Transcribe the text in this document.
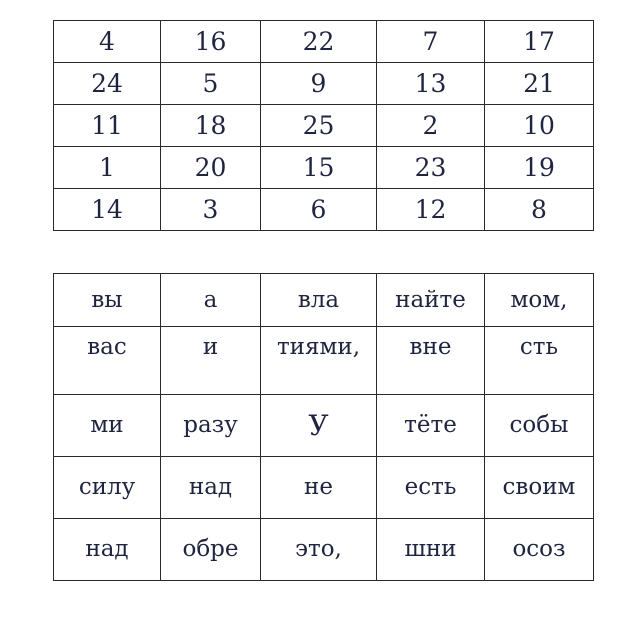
4	16	22	7	17
24	5	9	13	21
11	18	25	2	10
1	20	15	23	19
14	3	6	12	8
вы	а	вла	найте	мом,
вас	и	тиями,	вне	сть
ми	разу	У	тёте	собы
силу	над	не	есть	своим
над	обре	это,	шни	осоз
